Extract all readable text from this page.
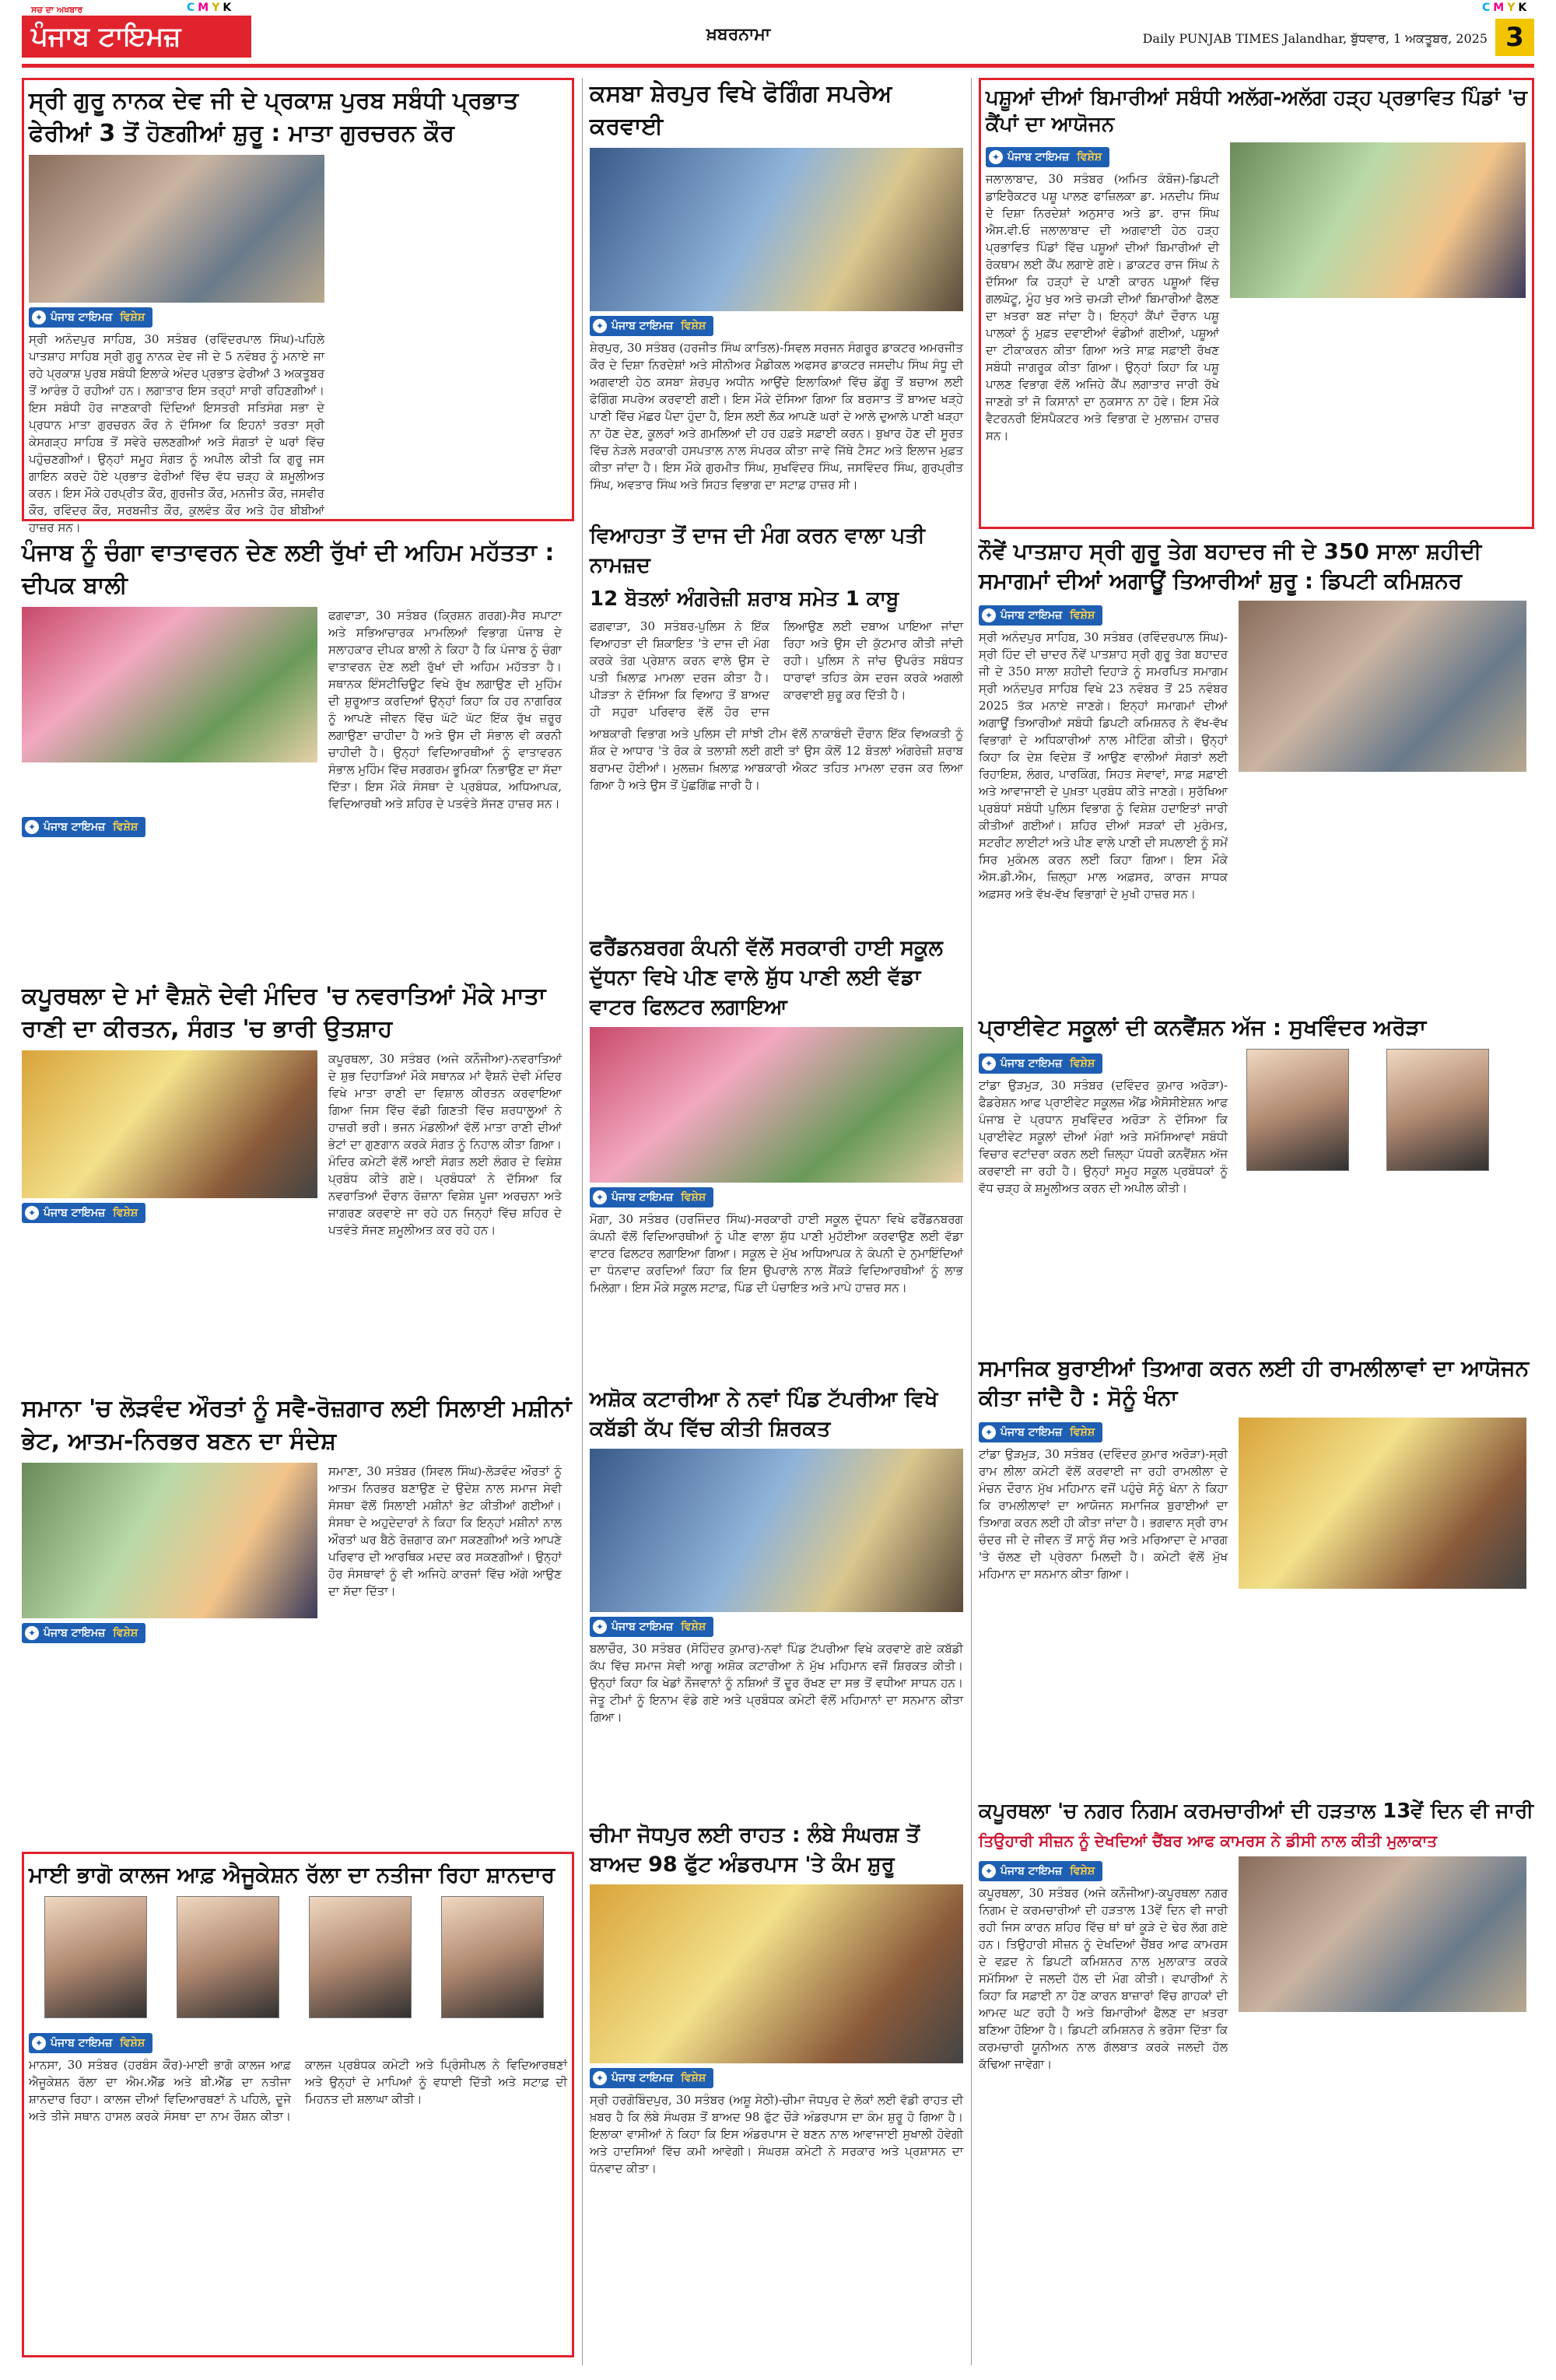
C M Y K	C M Y K
ਸਚ ਦਾ ਅਖਬਾਰ
ਪੰਜਾਬ ਟਾਇਮਜ਼	ਖ਼ਬਰਨਾਮਾ	Daily PUNJAB TIMES Jalandhar, ਬੁੱਧਵਾਰ, 1 ਅਕਤੂਬਰ, 2025 3
ਸ੍ਰੀ ਗੁਰੂ ਨਾਨਕ ਦੇਵ ਜੀ ਦੇ ਪ੍ਰਕਾਸ਼ ਪੁਰਬ ਸਬੰਧੀ ਪ੍ਰਭਾਤ ਫੇਰੀਆਂ 3 ਤੋਂ ਹੋਣਗੀਆਂ ਸ਼ੁਰੂ : ਮਾਤਾ ਗੁਰਚਰਨ ਕੌਰ
✦ ਪੰਜਾਬ ਟਾਇਮਜ਼ ਵਿਸ਼ੇਸ਼
ਸ੍ਰੀ ਅਨੰਦਪੁਰ ਸਾਹਿਬ, 30 ਸਤੰਬਰ (ਰਵਿੰਦਰਪਾਲ ਸਿੰਘ)-ਪਹਿਲੇ ਪਾਤਸ਼ਾਹ ਸਾਹਿਬ ਸ੍ਰੀ ਗੁਰੂ ਨਾਨਕ ਦੇਵ ਜੀ ਦੇ 5 ਨਵੰਬਰ ਨੂੰ ਮਨਾਏ ਜਾ ਰਹੇ ਪ੍ਰਕਾਸ਼ ਪੁਰਬ ਸਬੰਧੀ ਇਲਾਕੇ ਅੰਦਰ ਪ੍ਰਭਾਤ ਫੇਰੀਆਂ 3 ਅਕਤੂਬਰ ਤੋਂ ਆਰੰਭ ਹੋ ਰਹੀਆਂ ਹਨ। ਲਗਾਤਾਰ ਇਸ ਤਰ੍ਹਾਂ ਸਾਰੀ ਰਹਿਣਗੀਆਂ। ਇਸ ਸਬੰਧੀ ਹੋਰ ਜਾਣਕਾਰੀ ਦਿੰਦਿਆਂ ਇਸਤਰੀ ਸਤਿਸੰਗ ਸਭਾ ਦੇ ਪ੍ਰਧਾਨ ਮਾਤਾ ਗੁਰਚਰਨ ਕੌਰ ਨੇ ਦੱਸਿਆ ਕਿ ਇਹਨਾਂ ਤਰਤਾ ਸ੍ਰੀ ਕੇਸਗੜ੍ਹ ਸਾਹਿਬ ਤੋਂ ਸਵੇਰੇ ਚਲਣਗੀਆਂ ਅਤੇ ਸੰਗਤਾਂ ਦੇ ਘਰਾਂ ਵਿੱਚ ਪਹੁੰਚਣਗੀਆਂ। ਉਨ੍ਹਾਂ ਸਮੂਹ ਸੰਗਤ ਨੂੰ ਅਪੀਲ ਕੀਤੀ ਕਿ ਗੁਰੂ ਜਸ ਗਾਇਨ ਕਰਦੇ ਹੋਏ ਪ੍ਰਭਾਤ ਫੇਰੀਆਂ ਵਿੱਚ ਵੱਧ ਚੜ੍ਹ ਕੇ ਸ਼ਮੂਲੀਅਤ ਕਰਨ। ਇਸ ਮੌਕੇ ਹਰਪ੍ਰੀਤ ਕੌਰ, ਗੁਰਜੀਤ ਕੌਰ, ਮਨਜੀਤ ਕੌਰ, ਜਸਵੀਰ ਕੌਰ, ਰਵਿੰਦਰ ਕੌਰ, ਸਰਬਜੀਤ ਕੌਰ, ਕੁਲਵੰਤ ਕੌਰ ਅਤੇ ਹੋਰ ਬੀਬੀਆਂ ਹਾਜ਼ਰ ਸਨ।
ਕਸਬਾ ਸ਼ੇਰਪੁਰ ਵਿਖੇ ਫੋਗਿੰਗ ਸਪਰੇਅ ਕਰਵਾਈ
✦ ਪੰਜਾਬ ਟਾਇਮਜ਼ ਵਿਸ਼ੇਸ਼
ਸ਼ੇਰਪੁਰ, 30 ਸਤੰਬਰ (ਹਰਜੀਤ ਸਿੰਘ ਕਾਤਿਲ)-ਸਿਵਲ ਸਰਜਨ ਸੰਗਰੂਰ ਡਾਕਟਰ ਅਮਰਜੀਤ ਕੌਰ ਦੇ ਦਿਸ਼ਾ ਨਿਰਦੇਸ਼ਾਂ ਅਤੇ ਸੀਨੀਅਰ ਮੈਡੀਕਲ ਅਫਸਰ ਡਾਕਟਰ ਜਸਦੀਪ ਸਿੰਘ ਸੰਧੂ ਦੀ ਅਗਵਾਈ ਹੇਠ ਕਸਬਾ ਸ਼ੇਰਪੁਰ ਅਧੀਨ ਆਉਂਦੇ ਇਲਾਕਿਆਂ ਵਿੱਚ ਡੇਂਗੂ ਤੋਂ ਬਚਾਅ ਲਈ ਫੋਗਿੰਗ ਸਪਰੇਅ ਕਰਵਾਈ ਗਈ। ਇਸ ਮੌਕੇ ਦੱਸਿਆ ਗਿਆ ਕਿ ਬਰਸਾਤ ਤੋਂ ਬਾਅਦ ਖੜ੍ਹੇ ਪਾਣੀ ਵਿੱਚ ਮੱਛਰ ਪੈਦਾ ਹੁੰਦਾ ਹੈ, ਇਸ ਲਈ ਲੋਕ ਆਪਣੇ ਘਰਾਂ ਦੇ ਆਲੇ ਦੁਆਲੇ ਪਾਣੀ ਖੜ੍ਹਾ ਨਾ ਹੋਣ ਦੇਣ, ਕੂਲਰਾਂ ਅਤੇ ਗਮਲਿਆਂ ਦੀ ਹਰ ਹਫ਼ਤੇ ਸਫ਼ਾਈ ਕਰਨ। ਬੁਖਾਰ ਹੋਣ ਦੀ ਸੂਰਤ ਵਿੱਚ ਨੇੜਲੇ ਸਰਕਾਰੀ ਹਸਪਤਾਲ ਨਾਲ ਸੰਪਰਕ ਕੀਤਾ ਜਾਵੇ ਜਿੱਥੇ ਟੈਸਟ ਅਤੇ ਇਲਾਜ ਮੁਫ਼ਤ ਕੀਤਾ ਜਾਂਦਾ ਹੈ। ਇਸ ਮੌਕੇ ਗੁਰਮੀਤ ਸਿੰਘ, ਸੁਖਵਿੰਦਰ ਸਿੰਘ, ਜਸਵਿੰਦਰ ਸਿੰਘ, ਗੁਰਪ੍ਰੀਤ ਸਿੰਘ, ਅਵਤਾਰ ਸਿੰਘ ਅਤੇ ਸਿਹਤ ਵਿਭਾਗ ਦਾ ਸਟਾਫ਼ ਹਾਜ਼ਰ ਸੀ।
ਪਸ਼ੂਆਂ ਦੀਆਂ ਬਿਮਾਰੀਆਂ ਸਬੰਧੀ ਅਲੱਗ-ਅਲੱਗ ਹੜ੍ਹ ਪ੍ਰਭਾਵਿਤ ਪਿੰਡਾਂ 'ਚ ਕੈਂਪਾਂ ਦਾ ਆਯੋਜਨ
✦ ਪੰਜਾਬ ਟਾਇਮਜ਼ ਵਿਸ਼ੇਸ਼
ਜਲਾਲਾਬਾਦ, 30 ਸਤੰਬਰ (ਅਮਿਤ ਕੰਬੋਜ)-ਡਿਪਟੀ ਡਾਇਰੈਕਟਰ ਪਸ਼ੂ ਪਾਲਣ ਫਾਜ਼ਿਲਕਾ ਡਾ. ਮਨਦੀਪ ਸਿੰਘ ਦੇ ਦਿਸ਼ਾ ਨਿਰਦੇਸ਼ਾਂ ਅਨੁਸਾਰ ਅਤੇ ਡਾ. ਰਾਜ ਸਿੰਘ ਐਸ.ਵੀ.ਓ ਜਲਾਲਾਬਾਦ ਦੀ ਅਗਵਾਈ ਹੇਠ ਹੜ੍ਹ ਪ੍ਰਭਾਵਿਤ ਪਿੰਡਾਂ ਵਿੱਚ ਪਸ਼ੂਆਂ ਦੀਆਂ ਬਿਮਾਰੀਆਂ ਦੀ ਰੋਕਥਾਮ ਲਈ ਕੈਂਪ ਲਗਾਏ ਗਏ। ਡਾਕਟਰ ਰਾਜ ਸਿੰਘ ਨੇ ਦੱਸਿਆ ਕਿ ਹੜ੍ਹਾਂ ਦੇ ਪਾਣੀ ਕਾਰਨ ਪਸ਼ੂਆਂ ਵਿੱਚ ਗਲਘੋਟੂ, ਮੂੰਹ ਖੁਰ ਅਤੇ ਚਮੜੀ ਦੀਆਂ ਬਿਮਾਰੀਆਂ ਫੈਲਣ ਦਾ ਖ਼ਤਰਾ ਬਣ ਜਾਂਦਾ ਹੈ। ਇਨ੍ਹਾਂ ਕੈਂਪਾਂ ਦੌਰਾਨ ਪਸ਼ੂ ਪਾਲਕਾਂ ਨੂੰ ਮੁਫ਼ਤ ਦਵਾਈਆਂ ਵੰਡੀਆਂ ਗਈਆਂ, ਪਸ਼ੂਆਂ ਦਾ ਟੀਕਾਕਰਨ ਕੀਤਾ ਗਿਆ ਅਤੇ ਸਾਫ਼ ਸਫ਼ਾਈ ਰੱਖਣ ਸਬੰਧੀ ਜਾਗਰੂਕ ਕੀਤਾ ਗਿਆ। ਉਨ੍ਹਾਂ ਕਿਹਾ ਕਿ ਪਸ਼ੂ ਪਾਲਣ ਵਿਭਾਗ ਵੱਲੋਂ ਅਜਿਹੇ ਕੈਂਪ ਲਗਾਤਾਰ ਜਾਰੀ ਰੱਖੇ ਜਾਣਗੇ ਤਾਂ ਜੋ ਕਿਸਾਨਾਂ ਦਾ ਨੁਕਸਾਨ ਨਾ ਹੋਵੇ। ਇਸ ਮੌਕੇ ਵੈਟਰਨਰੀ ਇੰਸਪੈਕਟਰ ਅਤੇ ਵਿਭਾਗ ਦੇ ਮੁਲਾਜ਼ਮ ਹਾਜ਼ਰ ਸਨ।
ਪੰਜਾਬ ਨੂੰ ਚੰਗਾ ਵਾਤਾਵਰਨ ਦੇਣ ਲਈ ਰੁੱਖਾਂ ਦੀ ਅਹਿਮ ਮਹੱਤਤਾ : ਦੀਪਕ ਬਾਲੀ
ਫਗਵਾੜਾ, 30 ਸਤੰਬਰ (ਕ੍ਰਿਸ਼ਨ ਗਰਗ)-ਸੈਰ ਸਪਾਟਾ ਅਤੇ ਸਭਿਆਚਾਰਕ ਮਾਮਲਿਆਂ ਵਿਭਾਗ ਪੰਜਾਬ ਦੇ ਸਲਾਹਕਾਰ ਦੀਪਕ ਬਾਲੀ ਨੇ ਕਿਹਾ ਹੈ ਕਿ ਪੰਜਾਬ ਨੂੰ ਚੰਗਾ ਵਾਤਾਵਰਨ ਦੇਣ ਲਈ ਰੁੱਖਾਂ ਦੀ ਅਹਿਮ ਮਹੱਤਤਾ ਹੈ। ਸਥਾਨਕ ਇੰਸਟੀਚਿਊਟ ਵਿਖੇ ਰੁੱਖ ਲਗਾਉਣ ਦੀ ਮੁਹਿੰਮ ਦੀ ਸ਼ੁਰੂਆਤ ਕਰਦਿਆਂ ਉਨ੍ਹਾਂ ਕਿਹਾ ਕਿ ਹਰ ਨਾਗਰਿਕ ਨੂੰ ਆਪਣੇ ਜੀਵਨ ਵਿੱਚ ਘੱਟੋ ਘੱਟ ਇੱਕ ਰੁੱਖ ਜ਼ਰੂਰ ਲਗਾਉਣਾ ਚਾਹੀਦਾ ਹੈ ਅਤੇ ਉਸ ਦੀ ਸੰਭਾਲ ਵੀ ਕਰਨੀ ਚਾਹੀਦੀ ਹੈ। ਉਨ੍ਹਾਂ ਵਿਦਿਆਰਥੀਆਂ ਨੂੰ ਵਾਤਾਵਰਨ ਸੰਭਾਲ ਮੁਹਿੰਮ ਵਿੱਚ ਸਰਗਰਮ ਭੂਮਿਕਾ ਨਿਭਾਉਣ ਦਾ ਸੱਦਾ ਦਿੱਤਾ। ਇਸ ਮੌਕੇ ਸੰਸਥਾ ਦੇ ਪ੍ਰਬੰਧਕ, ਅਧਿਆਪਕ, ਵਿਦਿਆਰਥੀ ਅਤੇ ਸ਼ਹਿਰ ਦੇ ਪਤਵੰਤੇ ਸੱਜਣ ਹਾਜ਼ਰ ਸਨ।
✦ ਪੰਜਾਬ ਟਾਇਮਜ਼ ਵਿਸ਼ੇਸ਼
ਵਿਆਹਤਾ ਤੋਂ ਦਾਜ ਦੀ ਮੰਗ ਕਰਨ ਵਾਲਾ ਪਤੀ ਨਾਮਜ਼ਦ
12 ਬੋਤਲਾਂ ਅੰਗਰੇਜ਼ੀ ਸ਼ਰਾਬ ਸਮੇਤ 1 ਕਾਬੂ
ਫਗਵਾੜਾ, 30 ਸਤੰਬਰ-ਪੁਲਿਸ ਨੇ ਇੱਕ ਵਿਆਹਤਾ ਦੀ ਸ਼ਿਕਾਇਤ 'ਤੇ ਦਾਜ ਦੀ ਮੰਗ ਕਰਕੇ ਤੰਗ ਪ੍ਰੇਸ਼ਾਨ ਕਰਨ ਵਾਲੇ ਉਸ ਦੇ ਪਤੀ ਖ਼ਿਲਾਫ਼ ਮਾਮਲਾ ਦਰਜ ਕੀਤਾ ਹੈ। ਪੀੜਤਾ ਨੇ ਦੱਸਿਆ ਕਿ ਵਿਆਹ ਤੋਂ ਬਾਅਦ ਹੀ ਸਹੁਰਾ ਪਰਿਵਾਰ ਵੱਲੋਂ ਹੋਰ ਦਾਜ ਲਿਆਉਣ ਲਈ ਦਬਾਅ ਪਾਇਆ ਜਾਂਦਾ ਰਿਹਾ ਅਤੇ ਉਸ ਦੀ ਕੁੱਟਮਾਰ ਕੀਤੀ ਜਾਂਦੀ ਰਹੀ। ਪੁਲਿਸ ਨੇ ਜਾਂਚ ਉਪਰੰਤ ਸਬੰਧਤ ਧਾਰਾਵਾਂ ਤਹਿਤ ਕੇਸ ਦਰਜ ਕਰਕੇ ਅਗਲੀ ਕਾਰਵਾਈ ਸ਼ੁਰੂ ਕਰ ਦਿੱਤੀ ਹੈ।
ਆਬਕਾਰੀ ਵਿਭਾਗ ਅਤੇ ਪੁਲਿਸ ਦੀ ਸਾਂਝੀ ਟੀਮ ਵੱਲੋਂ ਨਾਕਾਬੰਦੀ ਦੌਰਾਨ ਇੱਕ ਵਿਅਕਤੀ ਨੂੰ ਸ਼ੱਕ ਦੇ ਆਧਾਰ 'ਤੇ ਰੋਕ ਕੇ ਤਲਾਸ਼ੀ ਲਈ ਗਈ ਤਾਂ ਉਸ ਕੋਲੋਂ 12 ਬੋਤਲਾਂ ਅੰਗਰੇਜ਼ੀ ਸ਼ਰਾਬ ਬਰਾਮਦ ਹੋਈਆਂ। ਮੁਲਜ਼ਮ ਖ਼ਿਲਾਫ਼ ਆਬਕਾਰੀ ਐਕਟ ਤਹਿਤ ਮਾਮਲਾ ਦਰਜ ਕਰ ਲਿਆ ਗਿਆ ਹੈ ਅਤੇ ਉਸ ਤੋਂ ਪੁੱਛਗਿੱਛ ਜਾਰੀ ਹੈ।
ਨੌਵੇਂ ਪਾਤਸ਼ਾਹ ਸ੍ਰੀ ਗੁਰੂ ਤੇਗ ਬਹਾਦਰ ਜੀ ਦੇ 350 ਸਾਲਾ ਸ਼ਹੀਦੀ ਸਮਾਗਮਾਂ ਦੀਆਂ ਅਗਾਊਂ ਤਿਆਰੀਆਂ ਸ਼ੁਰੂ : ਡਿਪਟੀ ਕਮਿਸ਼ਨਰ
✦ ਪੰਜਾਬ ਟਾਇਮਜ਼ ਵਿਸ਼ੇਸ਼
ਸ੍ਰੀ ਅਨੰਦਪੁਰ ਸਾਹਿਬ, 30 ਸਤੰਬਰ (ਰਵਿੰਦਰਪਾਲ ਸਿੰਘ)-ਸ੍ਰੀ ਹਿੰਦ ਦੀ ਚਾਦਰ ਨੌਵੇਂ ਪਾਤਸ਼ਾਹ ਸ੍ਰੀ ਗੁਰੂ ਤੇਗ ਬਹਾਦਰ ਜੀ ਦੇ 350 ਸਾਲਾ ਸ਼ਹੀਦੀ ਦਿਹਾੜੇ ਨੂੰ ਸਮਰਪਿਤ ਸਮਾਗਮ ਸ੍ਰੀ ਅਨੰਦਪੁਰ ਸਾਹਿਬ ਵਿਖੇ 23 ਨਵੰਬਰ ਤੋਂ 25 ਨਵੰਬਰ 2025 ਤੱਕ ਮਨਾਏ ਜਾਣਗੇ। ਇਨ੍ਹਾਂ ਸਮਾਗਮਾਂ ਦੀਆਂ ਅਗਾਊਂ ਤਿਆਰੀਆਂ ਸਬੰਧੀ ਡਿਪਟੀ ਕਮਿਸ਼ਨਰ ਨੇ ਵੱਖ-ਵੱਖ ਵਿਭਾਗਾਂ ਦੇ ਅਧਿਕਾਰੀਆਂ ਨਾਲ ਮੀਟਿੰਗ ਕੀਤੀ। ਉਨ੍ਹਾਂ ਕਿਹਾ ਕਿ ਦੇਸ਼ ਵਿਦੇਸ਼ ਤੋਂ ਆਉਣ ਵਾਲੀਆਂ ਸੰਗਤਾਂ ਲਈ ਰਿਹਾਇਸ਼, ਲੰਗਰ, ਪਾਰਕਿੰਗ, ਸਿਹਤ ਸੇਵਾਵਾਂ, ਸਾਫ਼ ਸਫ਼ਾਈ ਅਤੇ ਆਵਾਜਾਈ ਦੇ ਪੁਖ਼ਤਾ ਪ੍ਰਬੰਧ ਕੀਤੇ ਜਾਣਗੇ। ਸੁਰੱਖਿਆ ਪ੍ਰਬੰਧਾਂ ਸਬੰਧੀ ਪੁਲਿਸ ਵਿਭਾਗ ਨੂੰ ਵਿਸ਼ੇਸ਼ ਹਦਾਇਤਾਂ ਜਾਰੀ ਕੀਤੀਆਂ ਗਈਆਂ। ਸ਼ਹਿਰ ਦੀਆਂ ਸੜਕਾਂ ਦੀ ਮੁਰੰਮਤ, ਸਟਰੀਟ ਲਾਈਟਾਂ ਅਤੇ ਪੀਣ ਵਾਲੇ ਪਾਣੀ ਦੀ ਸਪਲਾਈ ਨੂੰ ਸਮੇਂ ਸਿਰ ਮੁਕੰਮਲ ਕਰਨ ਲਈ ਕਿਹਾ ਗਿਆ। ਇਸ ਮੌਕੇ ਐਸ.ਡੀ.ਐਮ, ਜ਼ਿਲ੍ਹਾ ਮਾਲ ਅਫ਼ਸਰ, ਕਾਰਜ ਸਾਧਕ ਅਫ਼ਸਰ ਅਤੇ ਵੱਖ-ਵੱਖ ਵਿਭਾਗਾਂ ਦੇ ਮੁਖੀ ਹਾਜ਼ਰ ਸਨ।
ਕਪੂਰਥਲਾ ਦੇ ਮਾਂ ਵੈਸ਼ਨੋ ਦੇਵੀ ਮੰਦਿਰ 'ਚ ਨਵਰਾਤਿਆਂ ਮੌਕੇ ਮਾਤਾ ਰਾਣੀ ਦਾ ਕੀਰਤਨ, ਸੰਗਤ 'ਚ ਭਾਰੀ ਉਤਸ਼ਾਹ
✦ ਪੰਜਾਬ ਟਾਇਮਜ਼ ਵਿਸ਼ੇਸ਼
ਕਪੂਰਥਲਾ, 30 ਸਤੰਬਰ (ਅਜੇ ਕਨੌਜੀਆ)-ਨਵਰਾਤਿਆਂ ਦੇ ਸ਼ੁਭ ਦਿਹਾੜਿਆਂ ਮੌਕੇ ਸਥਾਨਕ ਮਾਂ ਵੈਸ਼ਨੋ ਦੇਵੀ ਮੰਦਿਰ ਵਿਖੇ ਮਾਤਾ ਰਾਣੀ ਦਾ ਵਿਸ਼ਾਲ ਕੀਰਤਨ ਕਰਵਾਇਆ ਗਿਆ ਜਿਸ ਵਿੱਚ ਵੱਡੀ ਗਿਣਤੀ ਵਿੱਚ ਸ਼ਰਧਾਲੂਆਂ ਨੇ ਹਾਜ਼ਰੀ ਭਰੀ। ਭਜਨ ਮੰਡਲੀਆਂ ਵੱਲੋਂ ਮਾਤਾ ਰਾਣੀ ਦੀਆਂ ਭੇਟਾਂ ਦਾ ਗੁਣਗਾਨ ਕਰਕੇ ਸੰਗਤ ਨੂੰ ਨਿਹਾਲ ਕੀਤਾ ਗਿਆ। ਮੰਦਿਰ ਕਮੇਟੀ ਵੱਲੋਂ ਆਈ ਸੰਗਤ ਲਈ ਲੰਗਰ ਦੇ ਵਿਸ਼ੇਸ਼ ਪ੍ਰਬੰਧ ਕੀਤੇ ਗਏ। ਪ੍ਰਬੰਧਕਾਂ ਨੇ ਦੱਸਿਆ ਕਿ ਨਵਰਾਤਿਆਂ ਦੌਰਾਨ ਰੋਜ਼ਾਨਾ ਵਿਸ਼ੇਸ਼ ਪੂਜਾ ਅਰਚਨਾ ਅਤੇ ਜਾਗਰਣ ਕਰਵਾਏ ਜਾ ਰਹੇ ਹਨ ਜਿਨ੍ਹਾਂ ਵਿੱਚ ਸ਼ਹਿਰ ਦੇ ਪਤਵੰਤੇ ਸੱਜਣ ਸ਼ਮੂਲੀਅਤ ਕਰ ਰਹੇ ਹਨ।
ਫਰੈਂਡਨਬਰਗ ਕੰਪਨੀ ਵੱਲੋਂ ਸਰਕਾਰੀ ਹਾਈ ਸਕੂਲ ਦੁੱਧਨਾ ਵਿਖੇ ਪੀਣ ਵਾਲੇ ਸ਼ੁੱਧ ਪਾਣੀ ਲਈ ਵੱਡਾ ਵਾਟਰ ਫਿਲਟਰ ਲਗਾਇਆ
✦ ਪੰਜਾਬ ਟਾਇਮਜ਼ ਵਿਸ਼ੇਸ਼
ਮੋਗਾ, 30 ਸਤੰਬਰ (ਹਰਜਿੰਦਰ ਸਿੰਘ)-ਸਰਕਾਰੀ ਹਾਈ ਸਕੂਲ ਦੁੱਧਨਾ ਵਿਖੇ ਫਰੈਂਡਨਬਰਗ ਕੰਪਨੀ ਵੱਲੋਂ ਵਿਦਿਆਰਥੀਆਂ ਨੂੰ ਪੀਣ ਵਾਲਾ ਸ਼ੁੱਧ ਪਾਣੀ ਮੁਹੱਈਆ ਕਰਵਾਉਣ ਲਈ ਵੱਡਾ ਵਾਟਰ ਫਿਲਟਰ ਲਗਾਇਆ ਗਿਆ। ਸਕੂਲ ਦੇ ਮੁੱਖ ਅਧਿਆਪਕ ਨੇ ਕੰਪਨੀ ਦੇ ਨੁਮਾਇੰਦਿਆਂ ਦਾ ਧੰਨਵਾਦ ਕਰਦਿਆਂ ਕਿਹਾ ਕਿ ਇਸ ਉਪਰਾਲੇ ਨਾਲ ਸੈਂਕੜੇ ਵਿਦਿਆਰਥੀਆਂ ਨੂੰ ਲਾਭ ਮਿਲੇਗਾ। ਇਸ ਮੌਕੇ ਸਕੂਲ ਸਟਾਫ਼, ਪਿੰਡ ਦੀ ਪੰਚਾਇਤ ਅਤੇ ਮਾਪੇ ਹਾਜ਼ਰ ਸਨ।
ਪ੍ਰਾਈਵੇਟ ਸਕੂਲਾਂ ਦੀ ਕਨਵੈਂਸ਼ਨ ਅੱਜ : ਸੁਖਵਿੰਦਰ ਅਰੋੜਾ
✦ ਪੰਜਾਬ ਟਾਇਮਜ਼ ਵਿਸ਼ੇਸ਼
ਟਾਂਡਾ ਉੜਮੁੜ, 30 ਸਤੰਬਰ (ਦਵਿੰਦਰ ਕੁਮਾਰ ਅਰੋੜਾ)-ਫੈਡਰੇਸ਼ਨ ਆਫ ਪ੍ਰਾਈਵੇਟ ਸਕੂਲਜ਼ ਐਂਡ ਐਸੋਸੀਏਸ਼ਨ ਆਫ ਪੰਜਾਬ ਦੇ ਪ੍ਰਧਾਨ ਸੁਖਵਿੰਦਰ ਅਰੋੜਾ ਨੇ ਦੱਸਿਆ ਕਿ ਪ੍ਰਾਈਵੇਟ ਸਕੂਲਾਂ ਦੀਆਂ ਮੰਗਾਂ ਅਤੇ ਸਮੱਸਿਆਵਾਂ ਸਬੰਧੀ ਵਿਚਾਰ ਵਟਾਂਦਰਾ ਕਰਨ ਲਈ ਜ਼ਿਲ੍ਹਾ ਪੱਧਰੀ ਕਨਵੈਂਸ਼ਨ ਅੱਜ ਕਰਵਾਈ ਜਾ ਰਹੀ ਹੈ। ਉਨ੍ਹਾਂ ਸਮੂਹ ਸਕੂਲ ਪ੍ਰਬੰਧਕਾਂ ਨੂੰ ਵੱਧ ਚੜ੍ਹ ਕੇ ਸ਼ਮੂਲੀਅਤ ਕਰਨ ਦੀ ਅਪੀਲ ਕੀਤੀ।
ਸਮਾਨਾ 'ਚ ਲੋੜਵੰਦ ਔਰਤਾਂ ਨੂੰ ਸਵੈ-ਰੋਜ਼ਗਾਰ ਲਈ ਸਿਲਾਈ ਮਸ਼ੀਨਾਂ ਭੇਟ, ਆਤਮ-ਨਿਰਭਰ ਬਣਨ ਦਾ ਸੰਦੇਸ਼
✦ ਪੰਜਾਬ ਟਾਇਮਜ਼ ਵਿਸ਼ੇਸ਼
ਸਮਾਣਾ, 30 ਸਤੰਬਰ (ਸਿਵਲ ਸਿੰਘ)-ਲੋੜਵੰਦ ਔਰਤਾਂ ਨੂੰ ਆਤਮ ਨਿਰਭਰ ਬਣਾਉਣ ਦੇ ਉਦੇਸ਼ ਨਾਲ ਸਮਾਜ ਸੇਵੀ ਸੰਸਥਾ ਵੱਲੋਂ ਸਿਲਾਈ ਮਸ਼ੀਨਾਂ ਭੇਟ ਕੀਤੀਆਂ ਗਈਆਂ। ਸੰਸਥਾ ਦੇ ਅਹੁਦੇਦਾਰਾਂ ਨੇ ਕਿਹਾ ਕਿ ਇਨ੍ਹਾਂ ਮਸ਼ੀਨਾਂ ਨਾਲ ਔਰਤਾਂ ਘਰ ਬੈਠੇ ਰੋਜ਼ਗਾਰ ਕਮਾ ਸਕਣਗੀਆਂ ਅਤੇ ਆਪਣੇ ਪਰਿਵਾਰ ਦੀ ਆਰਥਿਕ ਮਦਦ ਕਰ ਸਕਣਗੀਆਂ। ਉਨ੍ਹਾਂ ਹੋਰ ਸੰਸਥਾਵਾਂ ਨੂੰ ਵੀ ਅਜਿਹੇ ਕਾਰਜਾਂ ਵਿੱਚ ਅੱਗੇ ਆਉਣ ਦਾ ਸੱਦਾ ਦਿੱਤਾ।
ਅਸ਼ੋਕ ਕਟਾਰੀਆ ਨੇ ਨਵਾਂ ਪਿੰਡ ਟੱਪਰੀਆ ਵਿਖੇ ਕਬੱਡੀ ਕੱਪ ਵਿੱਚ ਕੀਤੀ ਸ਼ਿਰਕਤ
✦ ਪੰਜਾਬ ਟਾਇਮਜ਼ ਵਿਸ਼ੇਸ਼
ਬਲਾਚੌਰ, 30 ਸਤੰਬਰ (ਸੋਹਿੰਦਰ ਕੁਮਾਰ)-ਨਵਾਂ ਪਿੰਡ ਟੱਪਰੀਆ ਵਿਖੇ ਕਰਵਾਏ ਗਏ ਕਬੱਡੀ ਕੱਪ ਵਿੱਚ ਸਮਾਜ ਸੇਵੀ ਆਗੂ ਅਸ਼ੋਕ ਕਟਾਰੀਆ ਨੇ ਮੁੱਖ ਮਹਿਮਾਨ ਵਜੋਂ ਸ਼ਿਰਕਤ ਕੀਤੀ। ਉਨ੍ਹਾਂ ਕਿਹਾ ਕਿ ਖੇਡਾਂ ਨੌਜਵਾਨਾਂ ਨੂੰ ਨਸ਼ਿਆਂ ਤੋਂ ਦੂਰ ਰੱਖਣ ਦਾ ਸਭ ਤੋਂ ਵਧੀਆ ਸਾਧਨ ਹਨ। ਜੇਤੂ ਟੀਮਾਂ ਨੂੰ ਇਨਾਮ ਵੰਡੇ ਗਏ ਅਤੇ ਪ੍ਰਬੰਧਕ ਕਮੇਟੀ ਵੱਲੋਂ ਮਹਿਮਾਨਾਂ ਦਾ ਸਨਮਾਨ ਕੀਤਾ ਗਿਆ।
ਸਮਾਜਿਕ ਬੁਰਾਈਆਂ ਤਿਆਗ ਕਰਨ ਲਈ ਹੀ ਰਾਮਲੀਲਾਵਾਂ ਦਾ ਆਯੋਜਨ ਕੀਤਾ ਜਾਂਦੈ ਹੈ : ਸੋਨੂੰ ਖੰਨਾ
✦ ਪੰਜਾਬ ਟਾਇਮਜ਼ ਵਿਸ਼ੇਸ਼
ਟਾਂਡਾ ਉੜਮੁੜ, 30 ਸਤੰਬਰ (ਦਵਿੰਦਰ ਕੁਮਾਰ ਅਰੋੜਾ)-ਸ੍ਰੀ ਰਾਮ ਲੀਲਾ ਕਮੇਟੀ ਵੱਲੋਂ ਕਰਵਾਈ ਜਾ ਰਹੀ ਰਾਮਲੀਲਾ ਦੇ ਮੰਚਨ ਦੌਰਾਨ ਮੁੱਖ ਮਹਿਮਾਨ ਵਜੋਂ ਪਹੁੰਚੇ ਸੋਨੂੰ ਖੰਨਾ ਨੇ ਕਿਹਾ ਕਿ ਰਾਮਲੀਲਾਵਾਂ ਦਾ ਆਯੋਜਨ ਸਮਾਜਿਕ ਬੁਰਾਈਆਂ ਦਾ ਤਿਆਗ ਕਰਨ ਲਈ ਹੀ ਕੀਤਾ ਜਾਂਦਾ ਹੈ। ਭਗਵਾਨ ਸ੍ਰੀ ਰਾਮ ਚੰਦਰ ਜੀ ਦੇ ਜੀਵਨ ਤੋਂ ਸਾਨੂੰ ਸੱਚ ਅਤੇ ਮਰਿਆਦਾ ਦੇ ਮਾਰਗ 'ਤੇ ਚੱਲਣ ਦੀ ਪ੍ਰੇਰਨਾ ਮਿਲਦੀ ਹੈ। ਕਮੇਟੀ ਵੱਲੋਂ ਮੁੱਖ ਮਹਿਮਾਨ ਦਾ ਸਨਮਾਨ ਕੀਤਾ ਗਿਆ।
ਮਾਈ ਭਾਗੋ ਕਾਲਜ ਆਫ਼ ਐਜੂਕੇਸ਼ਨ ਰੱਲਾ ਦਾ ਨਤੀਜਾ ਰਿਹਾ ਸ਼ਾਨਦਾਰ
✦ ਪੰਜਾਬ ਟਾਇਮਜ਼ ਵਿਸ਼ੇਸ਼
ਮਾਨਸਾ, 30 ਸਤੰਬਰ (ਹਰਬੰਸ ਕੌਰ)-ਮਾਈ ਭਾਗੋ ਕਾਲਜ ਆਫ਼ ਐਜੂਕੇਸ਼ਨ ਰੱਲਾ ਦਾ ਐਮ.ਐੱਡ ਅਤੇ ਬੀ.ਐੱਡ ਦਾ ਨਤੀਜਾ ਸ਼ਾਨਦਾਰ ਰਿਹਾ। ਕਾਲਜ ਦੀਆਂ ਵਿਦਿਆਰਥਣਾਂ ਨੇ ਪਹਿਲੇ, ਦੂਜੇ ਅਤੇ ਤੀਜੇ ਸਥਾਨ ਹਾਸਲ ਕਰਕੇ ਸੰਸਥਾ ਦਾ ਨਾਮ ਰੌਸ਼ਨ ਕੀਤਾ। ਕਾਲਜ ਪ੍ਰਬੰਧਕ ਕਮੇਟੀ ਅਤੇ ਪ੍ਰਿੰਸੀਪਲ ਨੇ ਵਿਦਿਆਰਥਣਾਂ ਅਤੇ ਉਨ੍ਹਾਂ ਦੇ ਮਾਪਿਆਂ ਨੂੰ ਵਧਾਈ ਦਿੱਤੀ ਅਤੇ ਸਟਾਫ਼ ਦੀ ਮਿਹਨਤ ਦੀ ਸ਼ਲਾਘਾ ਕੀਤੀ।
ਚੀਮਾ ਜੋਧਪੁਰ ਲਈ ਰਾਹਤ : ਲੰਬੇ ਸੰਘਰਸ਼ ਤੋਂ ਬਾਅਦ 98 ਫੁੱਟ ਅੰਡਰਪਾਸ 'ਤੇ ਕੰਮ ਸ਼ੁਰੂ
✦ ਪੰਜਾਬ ਟਾਇਮਜ਼ ਵਿਸ਼ੇਸ਼
ਸ੍ਰੀ ਹਰਗੋਬਿੰਦਪੁਰ, 30 ਸਤੰਬਰ (ਅਸ਼ੂ ਸੇਠੀ)-ਚੀਮਾ ਜੋਧਪੁਰ ਦੇ ਲੋਕਾਂ ਲਈ ਵੱਡੀ ਰਾਹਤ ਦੀ ਖ਼ਬਰ ਹੈ ਕਿ ਲੰਬੇ ਸੰਘਰਸ਼ ਤੋਂ ਬਾਅਦ 98 ਫੁੱਟ ਚੌੜੇ ਅੰਡਰਪਾਸ ਦਾ ਕੰਮ ਸ਼ੁਰੂ ਹੋ ਗਿਆ ਹੈ। ਇਲਾਕਾ ਵਾਸੀਆਂ ਨੇ ਕਿਹਾ ਕਿ ਇਸ ਅੰਡਰਪਾਸ ਦੇ ਬਣਨ ਨਾਲ ਆਵਾਜਾਈ ਸੁਖਾਲੀ ਹੋਵੇਗੀ ਅਤੇ ਹਾਦਸਿਆਂ ਵਿੱਚ ਕਮੀ ਆਵੇਗੀ। ਸੰਘਰਸ਼ ਕਮੇਟੀ ਨੇ ਸਰਕਾਰ ਅਤੇ ਪ੍ਰਸ਼ਾਸਨ ਦਾ ਧੰਨਵਾਦ ਕੀਤਾ।
ਕਪੂਰਥਲਾ 'ਚ ਨਗਰ ਨਿਗਮ ਕਰਮਚਾਰੀਆਂ ਦੀ ਹੜਤਾਲ 13ਵੇਂ ਦਿਨ ਵੀ ਜਾਰੀ
ਤਿਉਹਾਰੀ ਸੀਜ਼ਨ ਨੂੰ ਦੇਖਦਿਆਂ ਚੈਂਬਰ ਆਫ ਕਾਮਰਸ ਨੇ ਡੀਸੀ ਨਾਲ ਕੀਤੀ ਮੁਲਾਕਾਤ
✦ ਪੰਜਾਬ ਟਾਇਮਜ਼ ਵਿਸ਼ੇਸ਼
ਕਪੂਰਥਲਾ, 30 ਸਤੰਬਰ (ਅਜੇ ਕਨੌਜੀਆ)-ਕਪੂਰਥਲਾ ਨਗਰ ਨਿਗਮ ਦੇ ਕਰਮਚਾਰੀਆਂ ਦੀ ਹੜਤਾਲ 13ਵੇਂ ਦਿਨ ਵੀ ਜਾਰੀ ਰਹੀ ਜਿਸ ਕਾਰਨ ਸ਼ਹਿਰ ਵਿੱਚ ਥਾਂ ਥਾਂ ਕੂੜੇ ਦੇ ਢੇਰ ਲੱਗ ਗਏ ਹਨ। ਤਿਉਹਾਰੀ ਸੀਜ਼ਨ ਨੂੰ ਦੇਖਦਿਆਂ ਚੈਂਬਰ ਆਫ ਕਾਮਰਸ ਦੇ ਵਫ਼ਦ ਨੇ ਡਿਪਟੀ ਕਮਿਸ਼ਨਰ ਨਾਲ ਮੁਲਾਕਾਤ ਕਰਕੇ ਸਮੱਸਿਆ ਦੇ ਜਲਦੀ ਹੱਲ ਦੀ ਮੰਗ ਕੀਤੀ। ਵਪਾਰੀਆਂ ਨੇ ਕਿਹਾ ਕਿ ਸਫ਼ਾਈ ਨਾ ਹੋਣ ਕਾਰਨ ਬਾਜ਼ਾਰਾਂ ਵਿੱਚ ਗਾਹਕਾਂ ਦੀ ਆਮਦ ਘਟ ਰਹੀ ਹੈ ਅਤੇ ਬਿਮਾਰੀਆਂ ਫੈਲਣ ਦਾ ਖ਼ਤਰਾ ਬਣਿਆ ਹੋਇਆ ਹੈ। ਡਿਪਟੀ ਕਮਿਸ਼ਨਰ ਨੇ ਭਰੋਸਾ ਦਿੱਤਾ ਕਿ ਕਰਮਚਾਰੀ ਯੂਨੀਅਨ ਨਾਲ ਗੱਲਬਾਤ ਕਰਕੇ ਜਲਦੀ ਹੱਲ ਕੱਢਿਆ ਜਾਵੇਗਾ।
